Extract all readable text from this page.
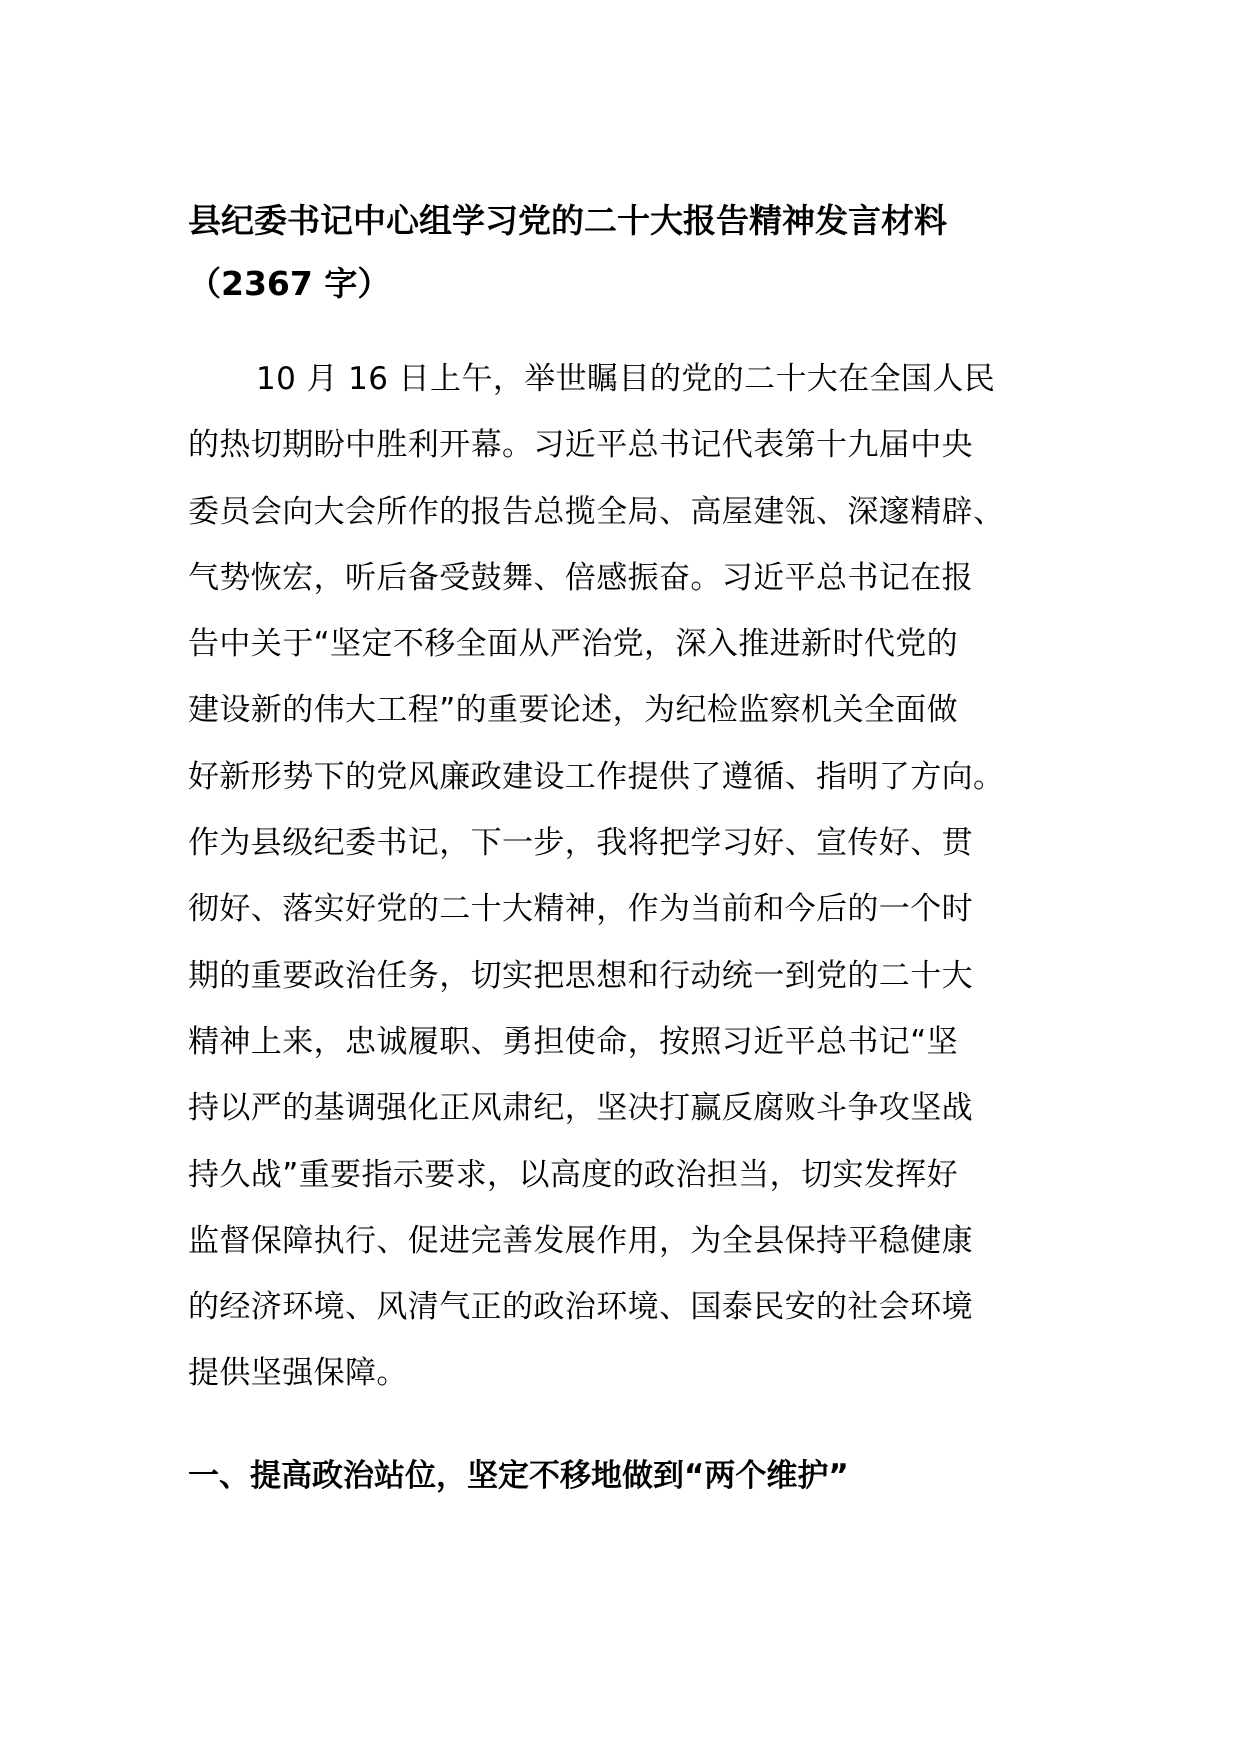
县纪委书记中心组学习党的二十大报告精神发言材料
（2367 字）
10 月 16 日上午，举世瞩目的党的二十大在全国人民
的热切期盼中胜利开幕。习近平总书记代表第十九届中央
委员会向大会所作的报告总揽全局、高屋建瓴、深邃精辟、
气势恢宏，听后备受鼓舞、倍感振奋。习近平总书记在报
告中关于“坚定不移全面从严治党，深入推进新时代党的
建设新的伟大工程”的重要论述，为纪检监察机关全面做
好新形势下的党风廉政建设工作提供了遵循、指明了方向。
作为县级纪委书记，下一步，我将把学习好、宣传好、贯
彻好、落实好党的二十大精神，作为当前和今后的一个时
期的重要政治任务，切实把思想和行动统一到党的二十大
精神上来，忠诚履职、勇担使命，按照习近平总书记“坚
持以严的基调强化正风肃纪，坚决打赢反腐败斗争攻坚战
持久战”重要指示要求，以高度的政治担当，切实发挥好
监督保障执行、促进完善发展作用，为全县保持平稳健康
的经济环境、风清气正的政治环境、国泰民安的社会环境
提供坚强保障。
一、提高政治站位，坚定不移地做到“两个维护”
